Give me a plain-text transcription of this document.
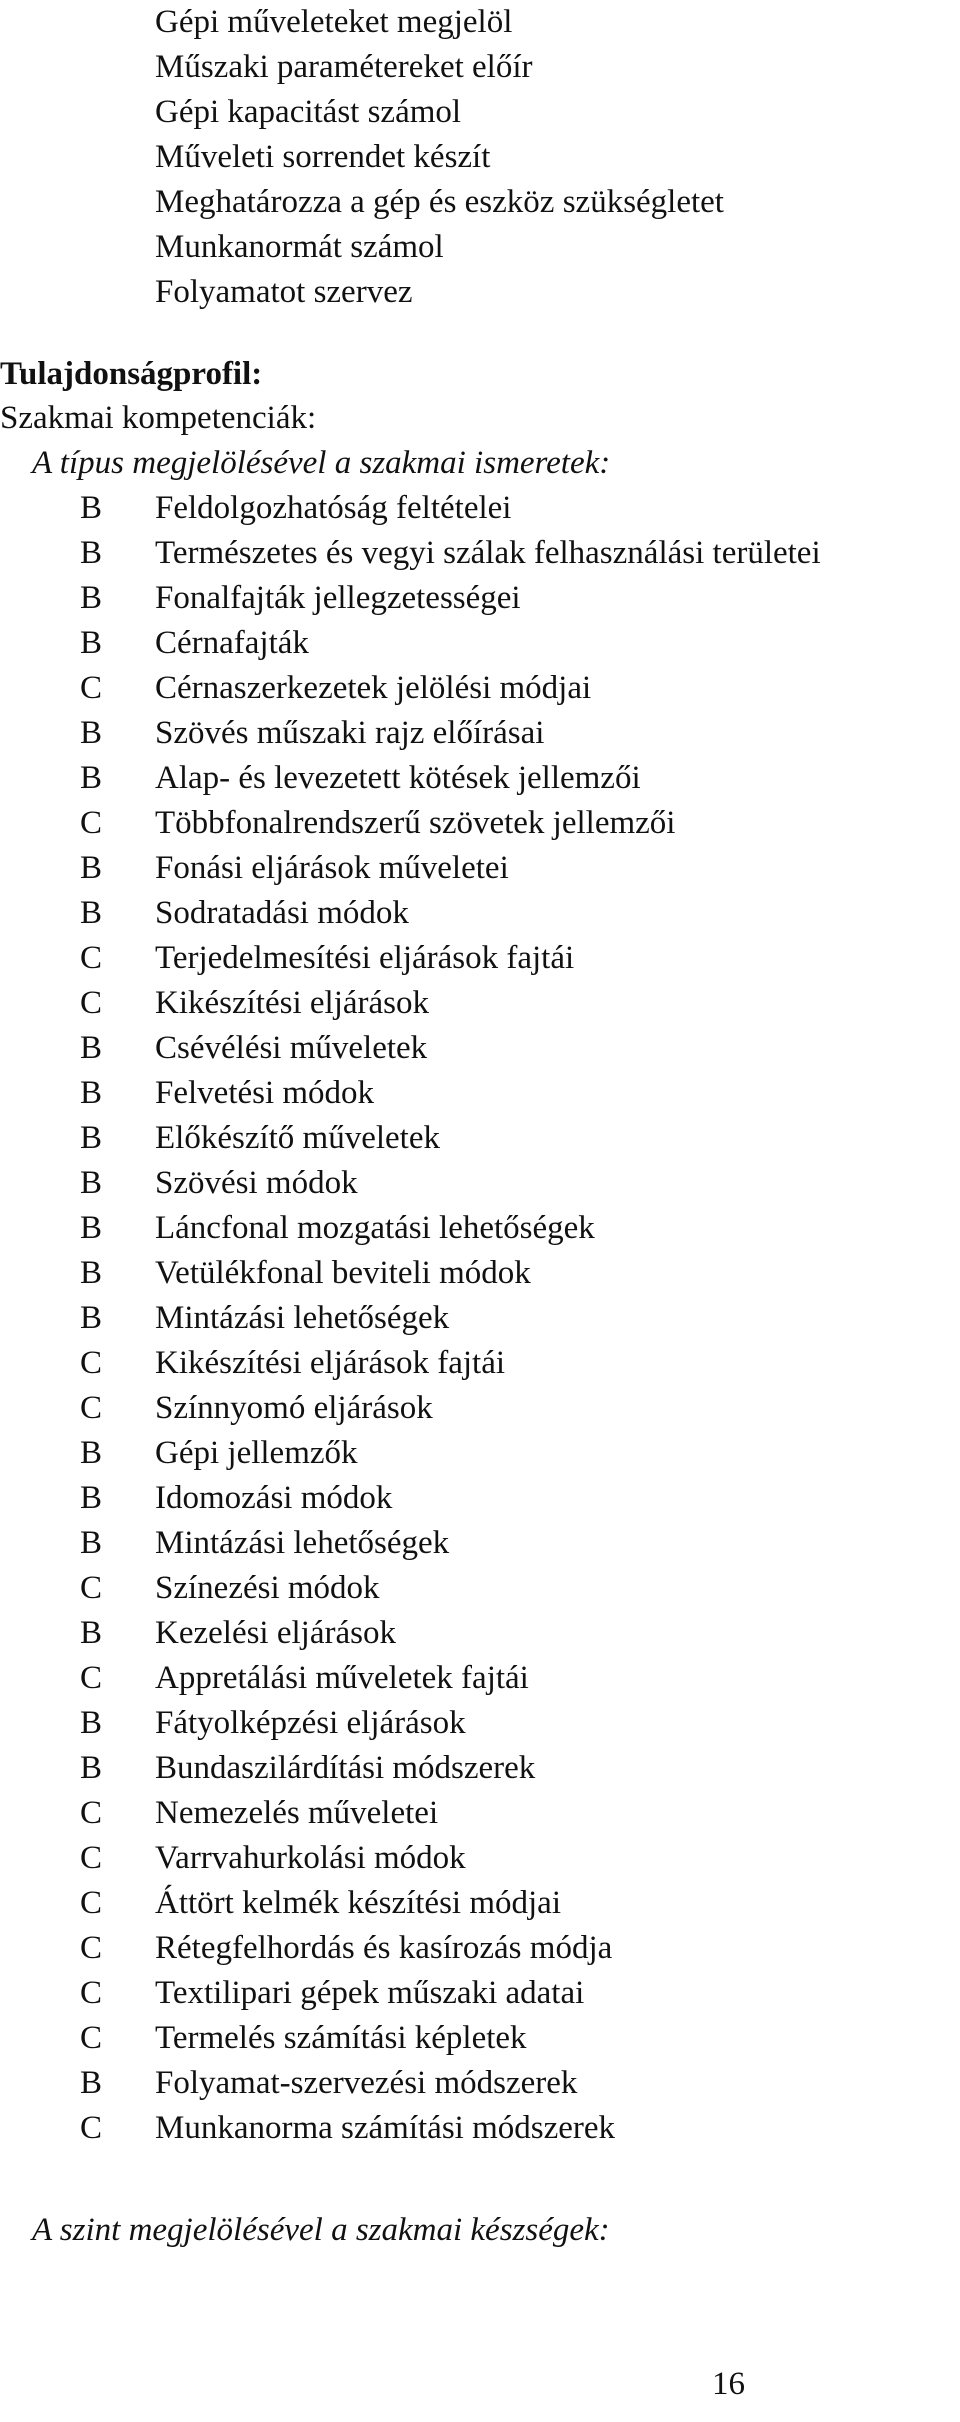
Gépi műveleteket megjelöl
Műszaki paramétereket előír
Gépi kapacitást számol
Műveleti sorrendet készít
Meghatározza a gép és eszköz szükségletet
Munkanormát számol
Folyamatot szervez
Tulajdonságprofil:
Szakmai kompetenciák:
A típus megjelölésével a szakmai ismeretek:
B Feldolgozhatóság feltételei
B Természetes és vegyi szálak felhasználási területei
B Fonalfajták jellegzetességei
B Cérnafajták
C Cérnaszerkezetek jelölési módjai
B Szövés műszaki rajz előírásai
B Alap- és levezetett kötések jellemzői
C Többfonalrendszerű szövetek jellemzői
B Fonási eljárások műveletei
B Sodratadási módok
C Terjedelmesítési eljárások fajtái
C Kikészítési eljárások
B Csévélési műveletek
B Felvetési módok
B Előkészítő műveletek
B Szövési módok
B Láncfonal mozgatási lehetőségek
B Vetülékfonal beviteli módok
B Mintázási lehetőségek
C Kikészítési eljárások fajtái
C Színnyomó eljárások
B Gépi jellemzők
B Idomozási módok
B Mintázási lehetőségek
C Színezési módok
B Kezelési eljárások
C Appretálási műveletek fajtái
B Fátyolképzési eljárások
B Bundaszilárdítási módszerek
C Nemezelés műveletei
C Varrvahurkolási módok
C Áttört kelmék készítési módjai
C Rétegfelhordás és kasírozás módja
C Textilipari gépek műszaki adatai
C Termelés számítási képletek
B Folyamat-szervezési módszerek
C Munkanorma számítási módszerek
A szint megjelölésével a szakmai készségek:
16
